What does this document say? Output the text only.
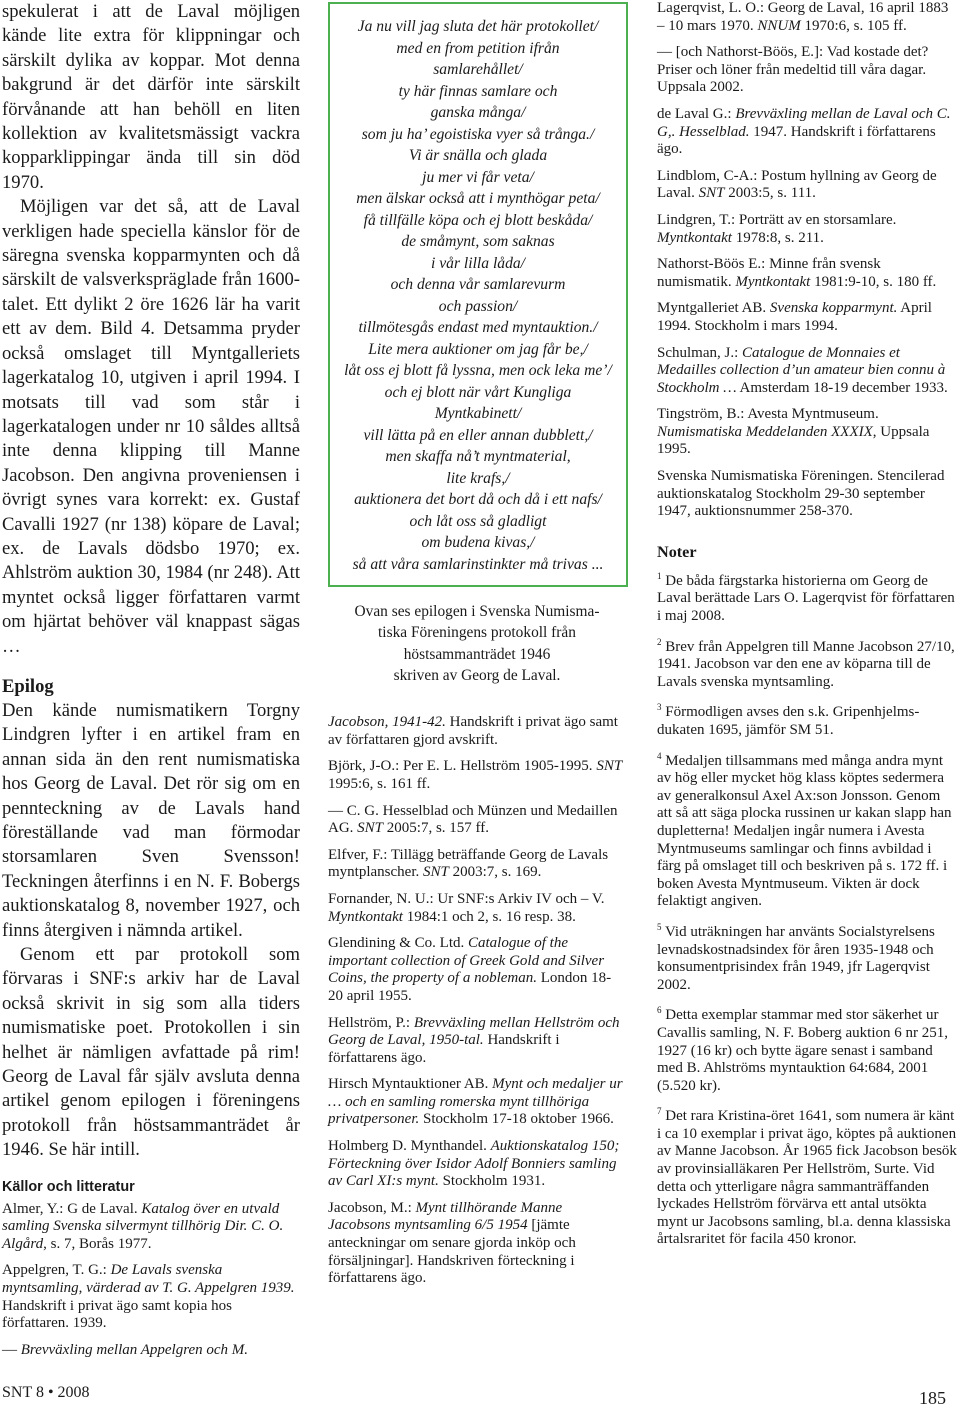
spekulerat i att de Laval möjligen kände lite extra för klippningar och särskilt dylika av koppar. Mot denna bakgrund är det därför inte särskilt förvånande att han behöll en liten kollektion av kvalitetsmässigt vackra kopparklippingar ända till sin död 1970.

Möjligen var det så, att de Laval verkligen hade speciella känslor för de säregna svenska kopparmynten och då särskilt de valsverkspräglade från 1600-talet. Ett dylikt 2 öre 1626 lär ha varit ett av dem. Bild 4. Detsamma pryder också omslaget till Myntgalleriets lagerkatalog 10, utgiven i april 1994. I motsats till vad som står i lagerkatalogen under nr 10 såldes alltså inte denna klipping till Manne Jacobson. Den angivna proveniensen i övrigt synes vara korrekt: ex. Gustaf Cavalli 1927 (nr 138) köpare de Laval; ex. de Lavals dödsbo 1970; ex. Ahlström auktion 30, 1984 (nr 248). Att myntet också ligger författaren varmt om hjärtat behöver väl knappast sägas …

Epilog

Den kände numismatikern Torgny Lindgren lyfter i en artikel fram en annan sida än den rent numismatiska hos Georg de Laval. Det rör sig om en pennteckning av de Lavals hand föreställande vad man förmodar storsamlaren Sven Svensson! Teckningen återfinns i en N. F. Bobergs auktionskatalog 8, november 1927, och finns återgiven i nämnda artikel.

Genom ett par protokoll som förvaras i SNF:s arkiv har de Laval också skrivit in sig som alla tiders numismatiske poet. Protokollen i sin helhet är nämligen avfattade på rim! Georg de Laval får själv avsluta denna artikel genom epilogen i föreningens protokoll från höstsammanträdet år 1946. Se här intill.

Källor och litteratur

Almer, Y.: G de Laval. Katalog över en utvald samling Svenska silvermynt tillhörig Dir. C. O. Algård, s. 7, Borås 1977.

Appelgren, T. G.: De Lavals svenska myntsamling, värderad av T. G. Appelgren 1939. Handskrift i privat ägo samt kopia hos författaren. 1939.

— Brevväxling mellan Appelgren och M.

Ja nu vill jag sluta det här protokollet/

med en from petition ifrån

samlarehållet/

ty här finnas samlare och

ganska många/

som ju ha’ egoistiska vyer så trånga./

Vi är snälla och glada

ju mer vi får veta/

men älskar också att i mynthögar peta/

få tillfälle köpa och ej blott beskåda/

de småmynt, som saknas

i vår lilla låda/

och denna vår samlarevurm

och passion/

tillmötesgås endast med myntauktion./

Lite mera auktioner om jag får be,/

låt oss ej blott få lyssna, men ock leka me’/

och ej blott när vårt Kungliga

Myntkabinett/

vill lätta på en eller annan dubblett,/

men skaffa nå’t myntmaterial,

lite krafs,/

auktionera det bort då och då i ett nafs/

och låt oss så gladligt

om budena kivas,/

så att våra samlarinstinkter må trivas ...

Ovan ses epilogen i Svenska Numisma-
tiska Föreningens protokoll från
höstsammanträdet 1946
skriven av Georg de Laval.

Jacobson, 1941-42. Handskrift i privat ägo samt av författaren gjord avskrift.

Björk, J-O.: Per E. L. Hellström 1905-1995. SNT 1995:6, s. 161 ff.

— C. G. Hesselblad och Münzen und Medaillen AG. SNT 2005:7, s. 157 ff.

Elfver, F.: Tillägg beträffande Georg de Lavals myntplanscher. SNT 2003:7, s. 169.

Fornander, N. U.: Ur SNF:s Arkiv IV och – V. Myntkontakt 1984:1 och 2, s. 16 resp. 38.

Glendining & Co. Ltd. Catalogue of the important collection of Greek Gold and Silver Coins, the property of a nobleman. London 18-20 april 1955.

Hellström, P.: Brevväxling mellan Hellström och Georg de Laval, 1950-tal. Handskrift i författarens ägo.

Hirsch Myntauktioner AB. Mynt och medaljer ur … och en samling romerska mynt tillhöriga privatpersoner. Stockholm 17-18 oktober 1966.

Holmberg D. Mynthandel. Auktionskatalog 150; Förteckning över Isidor Adolf Bonniers samling av Carl XI:s mynt. Stockholm 1931.

Jacobson, M.: Mynt tillhörande Manne Jacobsons myntsamling 6/5 1954 [jämte anteckningar om senare gjorda inköp och försäljningar]. Handskriven förteckning i författarens ägo.

Lagerqvist, L. O.: Georg de Laval, 16 april 1883 – 10 mars 1970. NNUM 1970:6, s. 105 ff.

— [och Nathorst-Böös, E.]: Vad kostade det? Priser och löner från medeltid till våra dagar. Uppsala 2002.

de Laval G.: Brevväxling mellan de Laval och C. G,. Hesselblad. 1947. Handskrift i författarens ägo.

Lindblom, C-A.: Postum hyllning av Georg de Laval. SNT 2003:5, s. 111.

Lindgren, T.: Porträtt av en storsamlare. Myntkontakt 1978:8, s. 211.

Nathorst-Böös E.: Minne från svensk numismatik. Myntkontakt 1981:9-10, s. 180 ff.

Myntgalleriet AB. Svenska kopparmynt. April 1994. Stockholm i mars 1994.

Schulman, J.: Catalogue de Monnaies et Medailles collection d’un amateur bien connu à Stockholm … Amsterdam 18-19 december 1933.

Tingström, B.: Avesta Myntmuseum. Numismatiska Meddelanden XXXIX, Uppsala 1995.

Svenska Numismatiska Föreningen. Stencilerad auktionskatalog Stockholm 29-30 september 1947, auktionsnummer 258-370.

Noter

$^1$ De båda färgstarka historierna om Georg de Laval berättade Lars O. Lagerqvist för författaren i maj 2008.

$^2$ Brev från Appelgren till Manne Jacobson 27/10, 1941. Jacobson var den ene av köparna till de Lavals svenska myntsamling.

$^3$ Förmodligen avses den s.k. Gripenhjelms-dukaten 1695, jämför SM 51.

$^4$ Medaljen tillsammans med många andra mynt av hög eller mycket hög klass köptes sedermera av generalkonsul Axel Ax:son Jonsson. Genom att så att säga plocka russinen ur kakan slapp han dupletterna! Medaljen ingår numera i Avesta Myntmuseums samlingar och finns avbildad i färg på omslaget till och beskriven på s. 172 ff. i boken Avesta Myntmuseum. Vikten är dock felaktigt angiven.

$^5$ Vid uträkningen har använts Socialstyrelsens levnadskostnadsindex för åren 1935-1948 och konsumentprisindex från 1949, jfr Lagerqvist 2002.

$^6$ Detta exemplar stammar med stor säkerhet ur Cavallis samling, N. F. Boberg auktion 6 nr 251, 1927 (16 kr) och bytte ägare senast i samband med B. Ahlströms myntauktion 64:684, 2001 (5.520 kr).

$^7$ Det rara Kristina-öret 1641, som numera är känt i ca 10 exemplar i privat ägo, köptes på auktionen av Manne Jacobson. År 1965 fick Jacobson besök av provinsialläkaren Per Hellström, Surte. Vid detta och ytterligare några sammanträffanden lyckades Hellström förvärva ett antal utsökta mynt ur Jacobsons samling, bl.a. denna klassiska årtalsraritet för facila 450 kronor.

SNT 8 • 2008	185
